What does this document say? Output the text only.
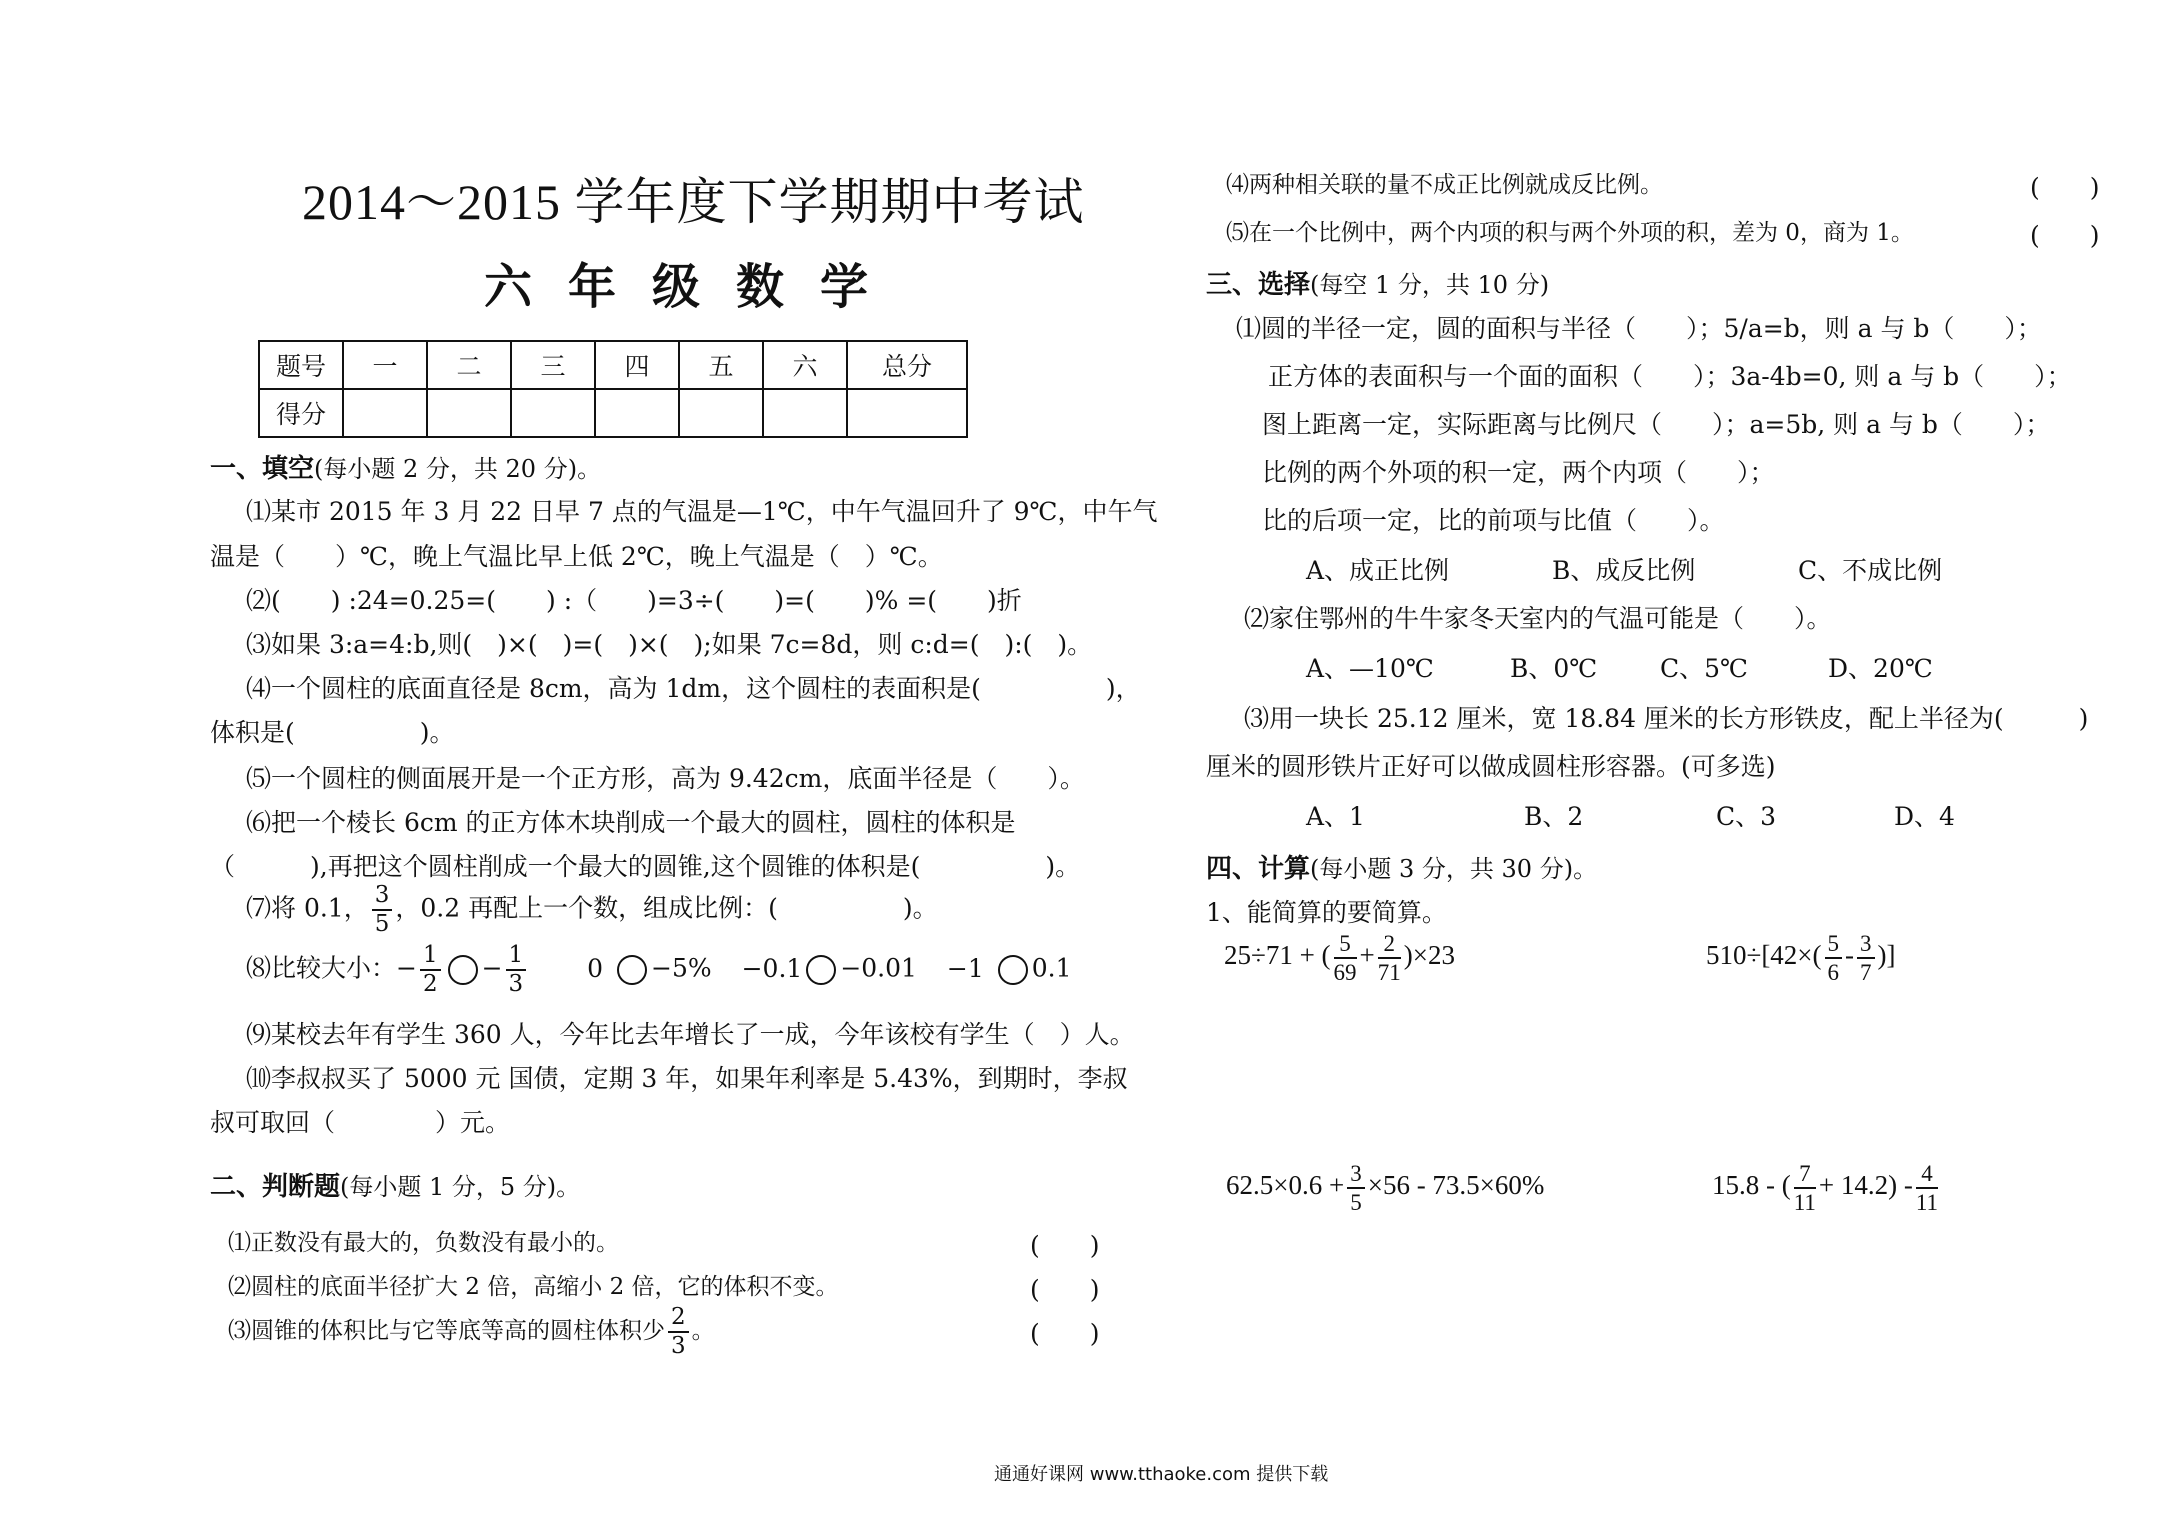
2014～2015 学年度下学期期中考试
六年级数学
题号	一	二	三	四	五	六	总分
得分							
一、填空(每小题 2 分，共 20 分)。
⑴某市 2015 年 3 月 22 日早 7 点的气温是—1℃，中午气温回升了 9℃，中午气
温是（　　）℃，晚上气温比早上低 2℃，晚上气温是（　）℃。
⑵(　　) :24=0.25=(　　) :（　　)=3÷(　　)=(　　)% =(　　)折
⑶如果 3:a=4:b,则(　)×(　)=(　)×(　);如果 7c=8d，则 c:d=(　):(　)。
⑷一个圆柱的底面直径是 8cm，高为 1dm，这个圆柱的表面积是(　　　　　)，
体积是(　　　　　)。
⑸一个圆柱的侧面展开是一个正方形，高为 9.42cm，底面半径是（　　）。
⑹把一个棱长 6cm 的正方体木块削成一个最大的圆柱，圆柱的体积是
（　　　),再把这个圆柱削成一个最大的圆锥,这个圆锥的体积是(　　　　　)。
⑺将 0.1， $\frac{3}{5}$ ，0.2 再配上一个数，组成比例：(　　　　　)。
⑻比较大小：− $\frac{1}{2} - \frac{1}{3} 0 -5\% -0.1 -0.01 -1$ 0.1
⑼某校去年有学生 360 人，今年比去年增长了一成，今年该校有学生（　）人。
⑽李叔叔买了 5000 元 国债，定期 3 年，如果年利率是 5.43%，到期时，李叔
叔可取回（　　　　）元。
二、判断题(每小题 1 分，5 分)。
⑴正数没有最大的，负数没有最小的。	(　　)
⑵圆柱的底面半径扩大 2 倍，高缩小 2 倍，它的体积不变。	(　　)
⑶圆锥的体积比与它等底等高的圆柱体积少 $\frac{2}{3}$ 。	(　　)
⑷两种相关联的量不成正比例就成反比例。	(　　)
⑸在一个比例中，两个内项的积与两个外项的积，差为 0，商为 1。	(　　)
三、选择(每空 1 分，共 10 分)
⑴圆的半径一定，圆的面积与半径（　　）；5/a=b，则 a 与 b（　　）；
正方体的表面积与一个面的面积（　　）；3a-4b=0, 则 a 与 b（　　）；
图上距离一定，实际距离与比例尺（　　）；a=5b, 则 a 与 b（　　）；
比例的两个外项的积一定，两个内项（　　）；
比的后项一定，比的前项与比值（　　）。
A、成正比例	B、成反比例	C、不成比例
⑵家住鄂州的牛牛家冬天室内的气温可能是（　　）。
A、—10℃	B、0℃	C、5℃	D、20℃
⑶用一块长 25.12 厘米，宽 18.84 厘米的长方形铁皮，配上半径为(　　　)
厘米的圆形铁片正好可以做成圆柱形容器。(可多选)
A、1	B、2	C、3	D、4
四、计算(每小题 3 分，共 30 分)。
1、能简算的要简算。
25÷71 + ( $\frac{5}{69} + \frac{2}{71} )\times 23$	$510\div[42\times( \frac{5}{6} - \frac{3}{7}$ )]
$62.5\times 0.6 + \frac{3}{5} \times 56 - 73.5\times 60\%$	15.8 - ( $\frac{7}{11} + 14.2) - \frac{4}{11}$
通通好课网 www.tthaoke.com 提供下载
